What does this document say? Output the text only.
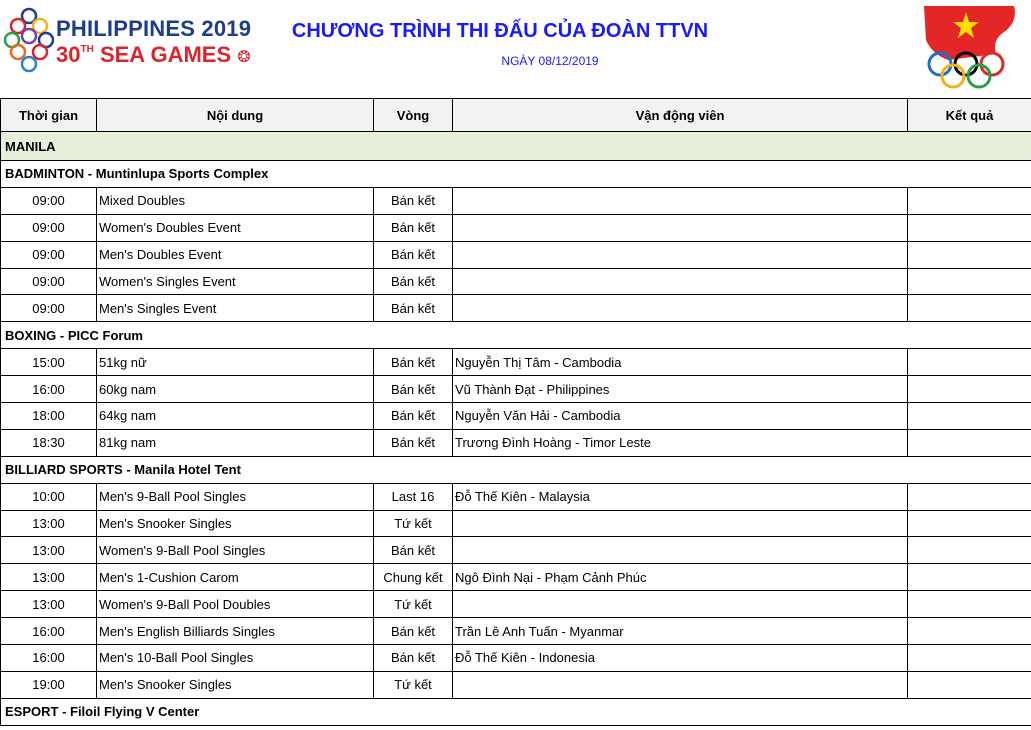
PHILIPPINES 2019
30TH SEA GAMES ❂
CHƯƠNG TRÌNH THI ĐẤU CỦA ĐOÀN TTVN
NGÀY 08/12/2019
Thời gian	Nội dung	Vòng	Vận động viên	Kết quả
MANILA				
BADMINTON - Muntinlupa Sports Complex				
09:00	Mixed Doubles	Bán kết		
09:00	Women's Doubles Event	Bán kết		
09:00	Men's Doubles Event	Bán kết		
09:00	Women's Singles Event	Bán kết		
09:00	Men's Singles Event	Bán kết		
BOXING - PICC Forum				
15:00	51kg nữ	Bán kết	Nguyễn Thị Tâm - Cambodia	
16:00	60kg nam	Bán kết	Vũ Thành Đạt - Philippines	
18:00	64kg nam	Bán kết	Nguyễn Văn Hải - Cambodia	
18:30	81kg nam	Bán kết	Trương Đình Hoàng - Timor Leste	
BILLIARD SPORTS - Manila Hotel Tent				
10:00	Men's 9-Ball Pool Singles	Last 16	Đỗ Thế Kiên - Malaysia	
13:00	Men's Snooker Singles	Tứ kết		
13:00	Women's 9-Ball Pool Singles	Bán kết		
13:00	Men's 1-Cushion Carom	Chung kết	Ngô Đình Nại - Phạm Cảnh Phúc	
13:00	Women's 9-Ball Pool Doubles	Tứ kết		
16:00	Men's English Billiards Singles	Bán kết	Trần Lê Anh Tuấn - Myanmar	
16:00	Men's 10-Ball Pool Singles	Bán kết	Đỗ Thế Kiên - Indonesia	
19:00	Men's Snooker Singles	Tứ kết		
ESPORT - Filoil Flying V Center				
